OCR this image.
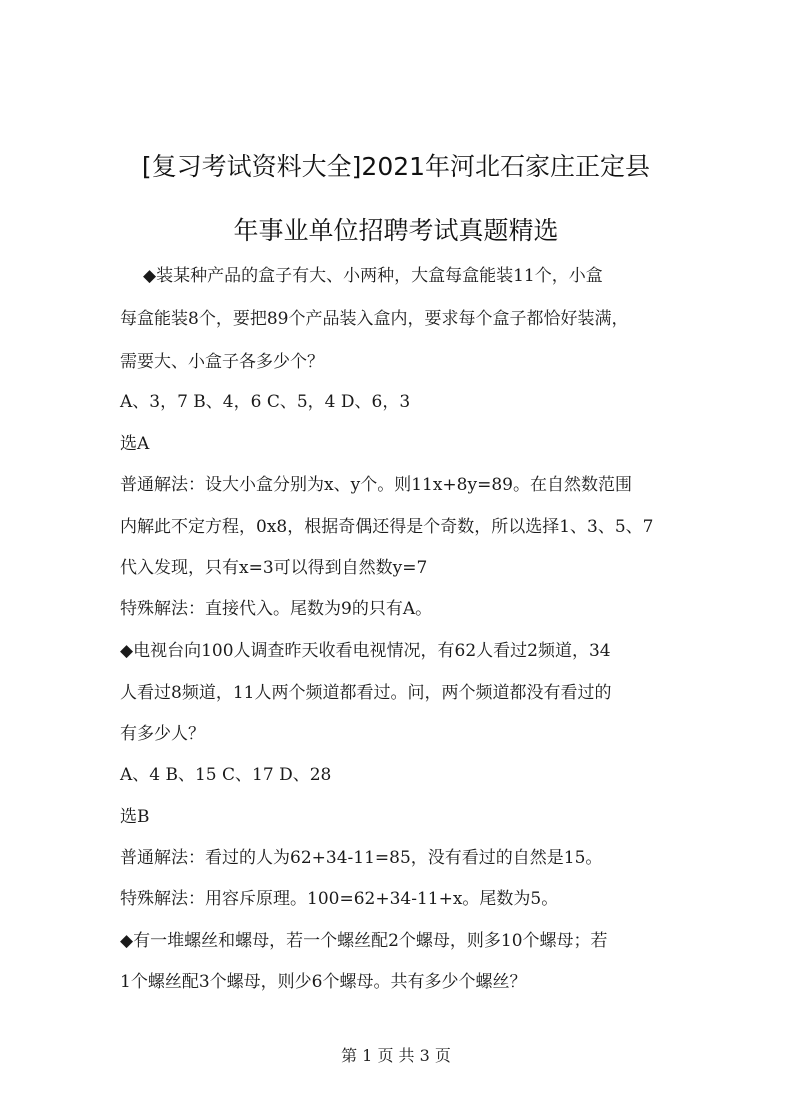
[复习考试资料大全]2021年河北石家庄正定县
年事业单位招聘考试真题精选

◆装某种产品的盒子有大、小两种，大盒每盒能装11个，小盒

每盒能装8个，要把89个产品装入盒内，要求每个盒子都恰好装满，

需要大、小盒子各多少个？

A、3，7 B、4，6 C、5，4 D、6，3

选A

普通解法：设大小盒分别为x、y个。则11x+8y=89。在自然数范围

内解此不定方程，0x8，根据奇偶还得是个奇数，所以选择1、3、5、7

代入发现，只有x=3可以得到自然数y=7

特殊解法：直接代入。尾数为9的只有A。

◆电视台向100人调查昨天收看电视情况，有62人看过2频道，34

人看过8频道，11人两个频道都看过。问，两个频道都没有看过的

有多少人？

A、4 B、15 C、17 D、28

选B

普通解法：看过的人为62+34-11=85，没有看过的自然是15。

特殊解法：用容斥原理。100=62+34-11+x。尾数为5。

◆有一堆螺丝和螺母，若一个螺丝配2个螺母，则多10个螺母；若

1个螺丝配3个螺母，则少6个螺母。共有多少个螺丝？

第 1 页 共 3 页
